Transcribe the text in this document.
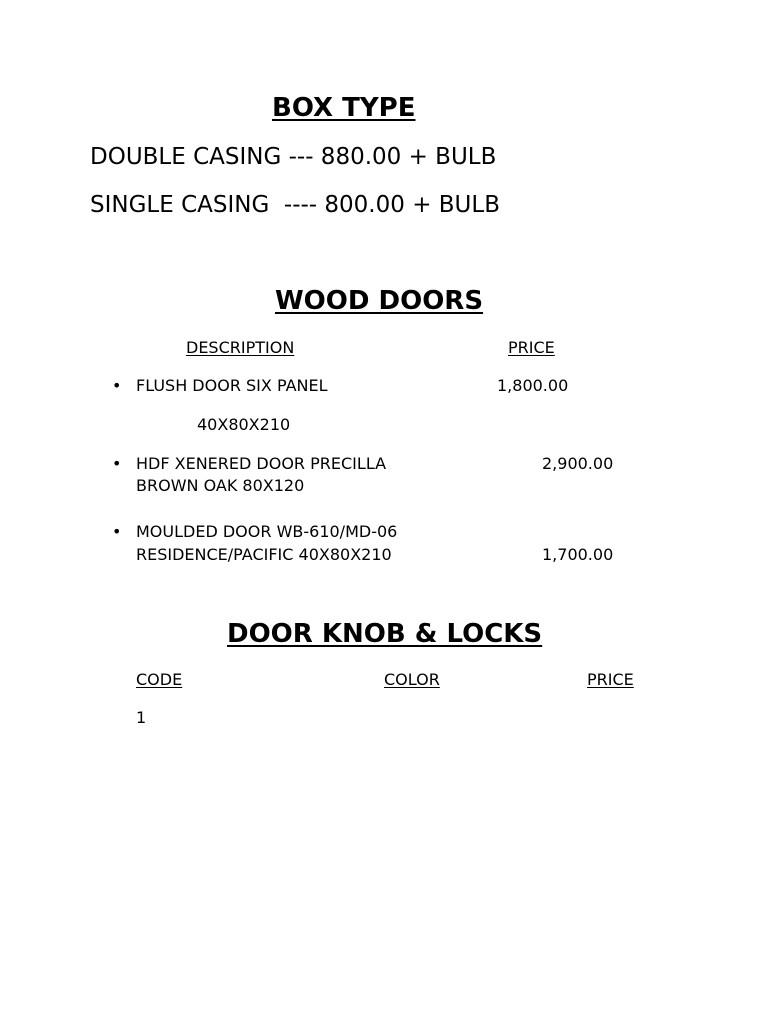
BOX TYPE
DOUBLE CASING --- 880.00 + BULB
SINGLE CASING  ---- 800.00 + BULB
WOOD DOORS
DESCRIPTION	PRICE
• FLUSH DOOR SIX PANEL	1,800.00
40X80X210
• HDF XENERED DOOR PRECILLA	2,900.00
BROWN OAK 80X120
• MOULDED DOOR WB-610/MD-06
RESIDENCE/PACIFIC 40X80X210	1,700.00
DOOR KNOB & LOCKS
CODE	COLOR	PRICE
1
